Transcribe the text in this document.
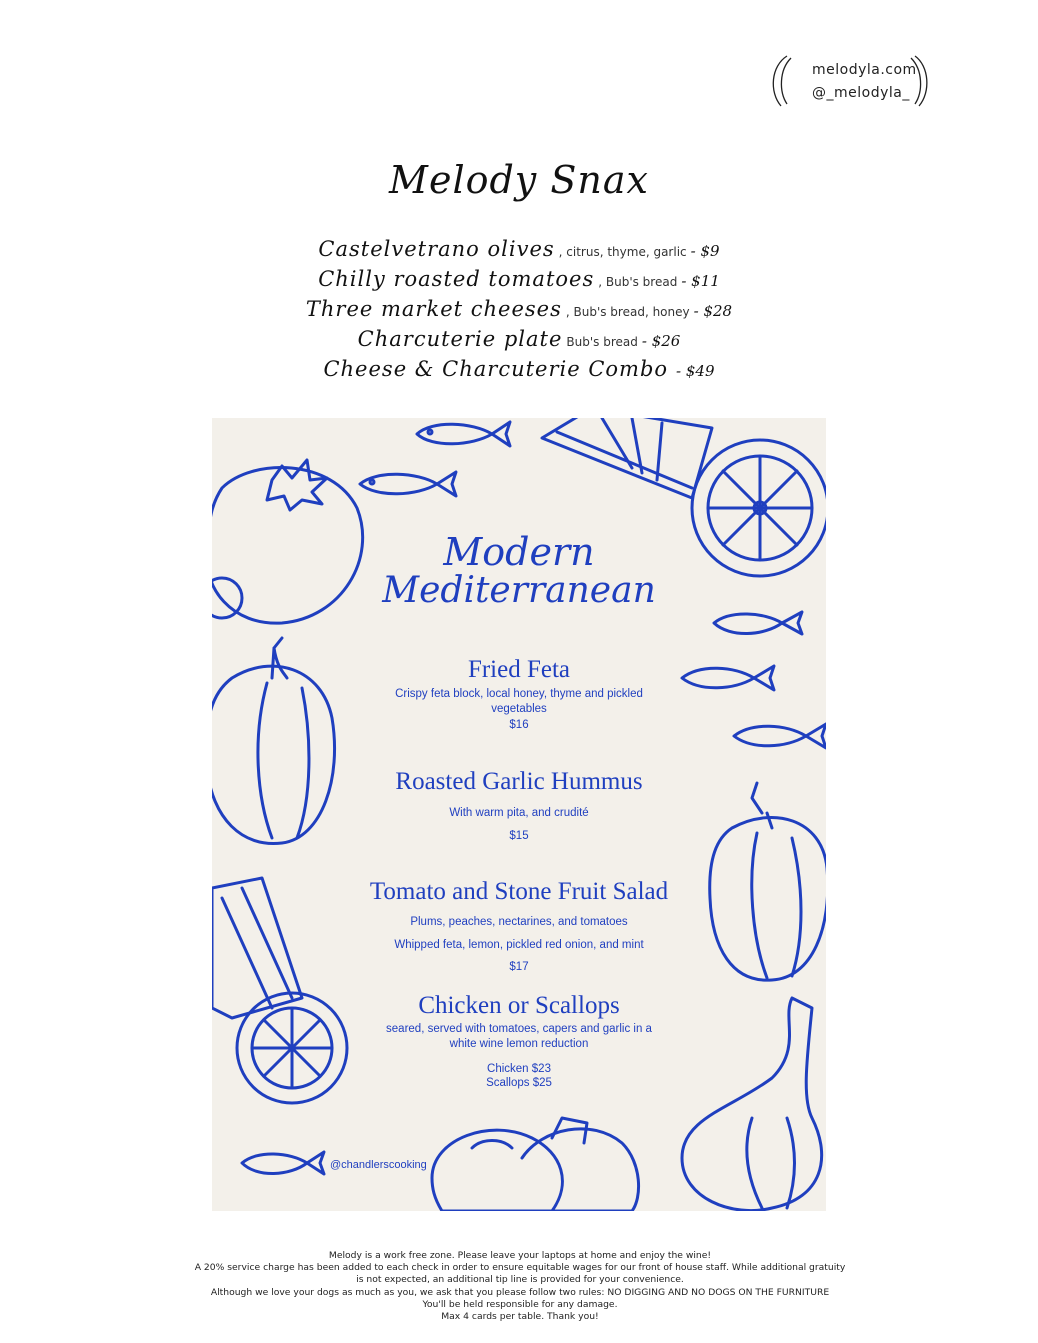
melodyla.com
@_melodyla_
Melody Snax
Castelvetrano olives , citrus, thyme, garlic - $9
Chilly roasted tomatoes , Bub's bread - $11
Three market cheeses , Bub's bread, honey - $28
Charcuterie plate Bub's bread - $26
Cheese & Charcuterie Combo - $49
Modern
Mediterranean
Fried Feta
Crispy feta block, local honey, thyme and pickled vegetables
$16
Roasted Garlic Hummus
With warm pita, and crudité
$15
Tomato and Stone Fruit Salad
Plums, peaches, nectarines, and tomatoes
Whipped feta, lemon, pickled red onion, and mint
$17
Chicken or Scallops
seared, served with tomatoes, capers and garlic in a white wine lemon reduction
Chicken $23
Scallops $25
@chandlerscooking
Melody is a work free zone. Please leave your laptops at home and enjoy the wine!
A 20% service charge has been added to each check in order to ensure equitable wages for our front of house staff. While additional gratuity
is not expected, an additional tip line is provided for your convenience.
Although we love your dogs as much as you, we ask that you please follow two rules: NO DIGGING AND NO DOGS ON THE FURNITURE
You'll be held responsible for any damage.
Max 4 cards per table. Thank you!
